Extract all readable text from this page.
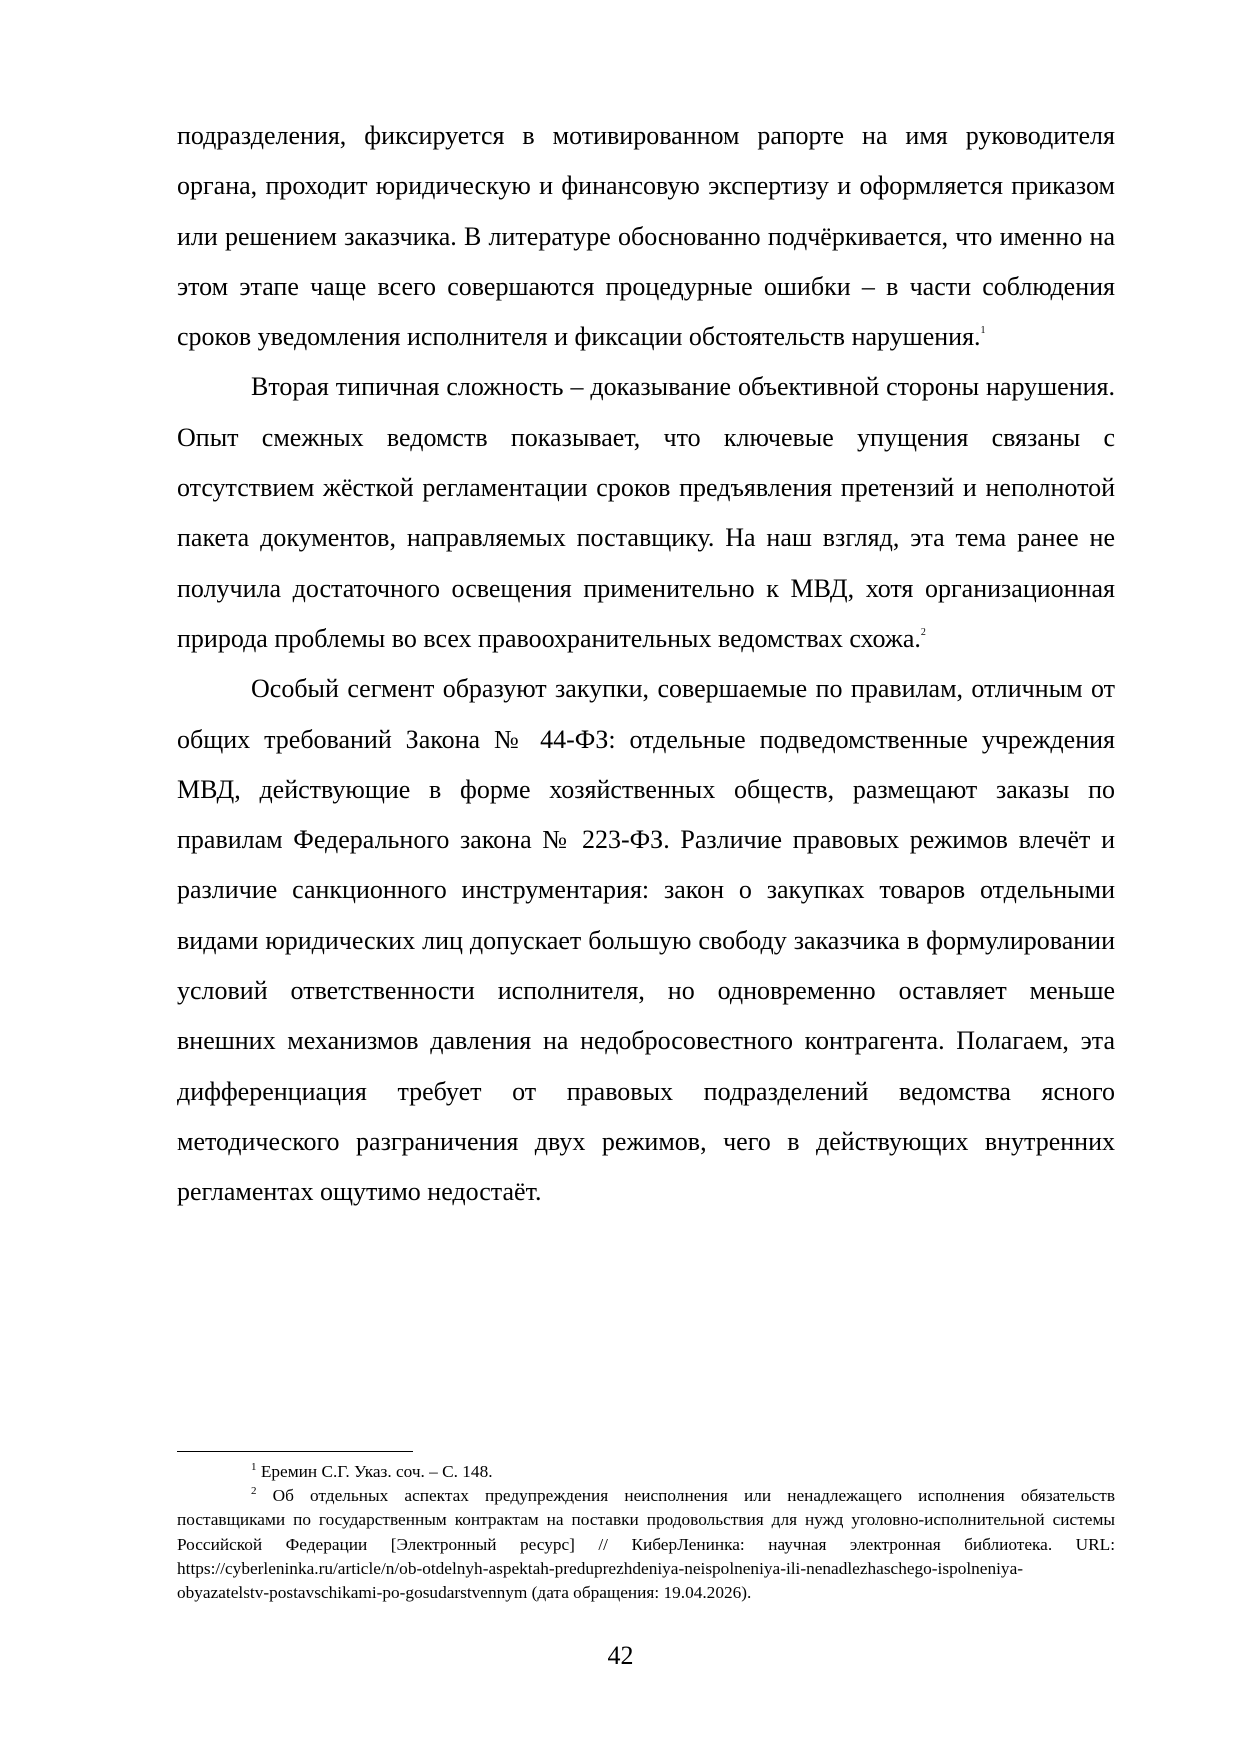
подразделения, фиксируется в мотивированном рапорте на имя руководителя органа, проходит юридическую и финансовую экспертизу и оформляется приказом или решением заказчика. В литературе обоснованно подчёркивается, что именно на этом этапе чаще всего совершаются процедурные ошибки – в части соблюдения сроков уведомления исполнителя и фиксации обстоятельств нарушения.$^1$

Вторая типичная сложность – доказывание объективной стороны нарушения. Опыт смежных ведомств показывает, что ключевые упущения связаны с отсутствием жёсткой регламентации сроков предъявления претензий и неполнотой пакета документов, направляемых поставщику. На наш взгляд, эта тема ранее не получила достаточного освещения применительно к МВД, хотя организационная природа проблемы во всех правоохранительных ведомствах схожа.$^2$

Особый сегмент образуют закупки, совершаемые по правилам, отличным от общих требований Закона № 44-ФЗ: отдельные подведомственные учреждения МВД, действующие в форме хозяйственных обществ, размещают заказы по правилам Федерального закона № 223-ФЗ. Различие правовых режимов влечёт и различие санкционного инструментария: закон о закупках товаров отдельными видами юридических лиц допускает большую свободу заказчика в формулировании условий ответственности исполнителя, но одновременно оставляет меньше внешних механизмов давления на недобросовестного контрагента. Полагаем, эта дифференциация требует от правовых подразделений ведомства ясного методического разграничения двух режимов, чего в действующих внутренних регламентах ощутимо недостаёт.

$^1$ Еремин С.Г. Указ. соч. – С. 148.

$^2$ Об отдельных аспектах предупреждения неисполнения или ненадлежащего исполнения обязательств поставщиками по государственным контрактам на поставки продовольствия для нужд уголовно-исполнительной системы Российской Федерации [Электронный ресурс] // КиберЛенинка: научная электронная библиотека. URL: https://cyberleninka.ru/article/n/ob-otdelnyh-aspektah-preduprezhdeniya-neispolneniya-ili-nenadlezhaschego-ispolneniya-obyazatelstv-postavschikami-po-gosudarstvennym (дата обращения: 19.04.2026).

42
